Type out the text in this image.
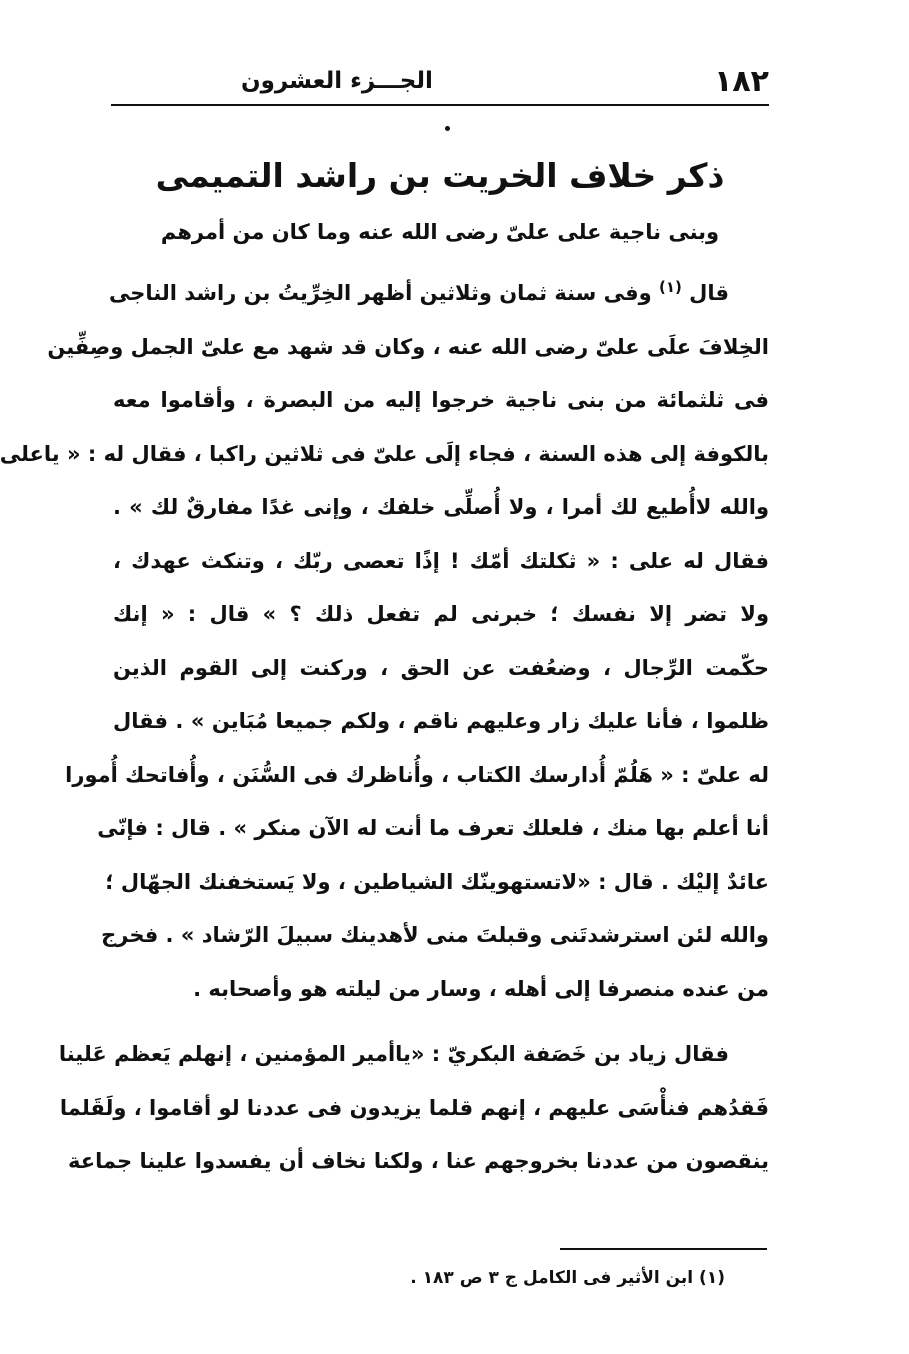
١٨٢
الجـــزء العشرون
ذكر خلاف الخريت بن راشد التميمى
وبنى ناجية على علىّ رضى الله عنه وما كان من أمرهم
قال $^{(١)}$ وفى سنة ثمان وثلاثين أظهر الخِرِّيتُ بن راشد الناجى
الخِلافَ علَى علىّ رضى الله عنه ، وكان قد شهد مع علىّ الجمل وصِفِّين
فى ثلثمائة من بنى ناجية خرجوا إليه من البصرة ، وأقاموا معه
بالكوفة إلى هذه السنة ، فجاء إلَى علىّ فى ثلاثين راكبا ، فقال له : « ياعلى
والله لاأُطيع لك أمرا ، ولا أُصلِّى خلفك ، وإنى غدًا مفارقٌ لك » .
فقال له على : « ثكلتك أمّك ! إذًا تعصى ربّك ، وتنكث عهدك ،
ولا تضر إلا نفسك ؛ خبرنى لم تفعل ذلك ؟ » قال : « إنك
حكّمت الرِّجال ، وضعُفت عن الحق ، وركنت إلى القوم الذين
ظلموا ، فأنا عليك زار وعليهم ناقم ، ولكم جميعا مُبَاين » . فقال
له علىّ : « هَلُمّ أُدارسك الكتاب ، وأُناظرك فى السُّنَن ، وأُفاتحك أُمورا
أنا أعلم بها منك ، فلعلك تعرف ما أنت له الآن منكر » . قال : فإنّى
عائدٌ إليْك . قال : «لاتستهوينّك الشياطين ، ولا يَستخفنك الجهّال ؛
والله لئن استرشدتَنى وقبلتَ منى لأهدينك سبيلَ الرّشاد » . فخرج
من عنده منصرفا إلى أهله ، وسار من ليلته هو وأصحابه .
فقال زياد بن خَصَفة البكريّ : «ياأمير المؤمنين ، إنهلم يَعظم عَلينا
فَقدُهم فنأْسَى عليهم ، إنهم قلما يزيدون فى عددنا لو أقاموا ، ولَقَلما
ينقصون من عددنا بخروجهم عنا ، ولكنا نخاف أن يفسدوا علينا جماعة
(١) ابن الأثير فى الكامل ج ٣ ص ١٨٣ .
